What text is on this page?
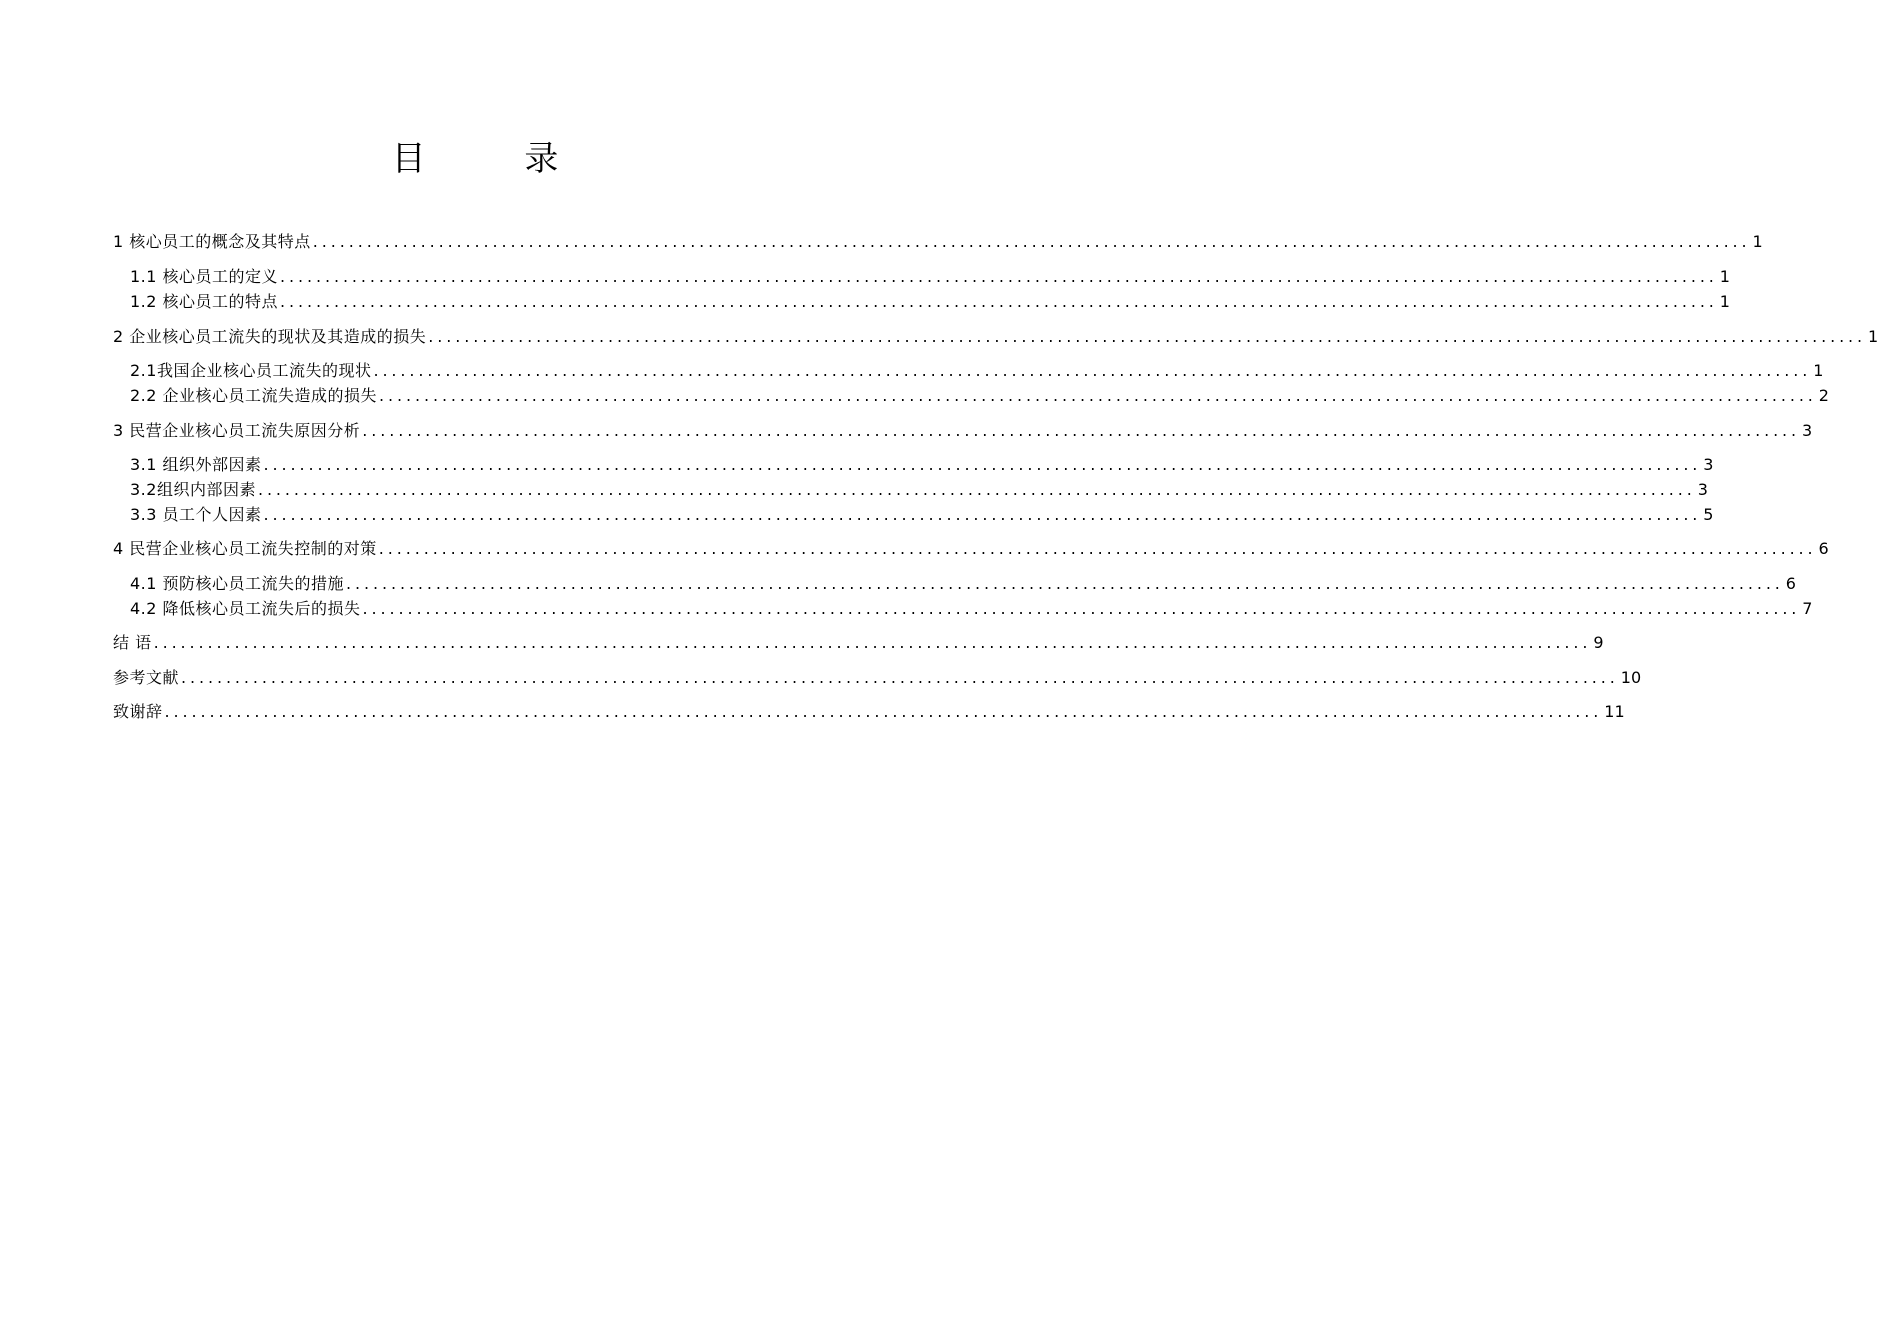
目 录
1 核心员工的概念及其特点 ................................................................................................................................................................ 1
1.1 核心员工的定义 ................................................................................................................................................................ 1
1.2 核心员工的特点 ................................................................................................................................................................ 1
2 企业核心员工流失的现状及其造成的损失 ................................................................................................................................................................ 1
2.1我国企业核心员工流失的现状 ................................................................................................................................................................ 1
2.2 企业核心员工流失造成的损失 ................................................................................................................................................................ 2
3 民营企业核心员工流失原因分析 ................................................................................................................................................................ 3
3.1 组织外部因素 ................................................................................................................................................................ 3
3.2组织内部因素 ................................................................................................................................................................ 3
3.3 员工个人因素 ................................................................................................................................................................ 5
4 民营企业核心员工流失控制的对策 ................................................................................................................................................................ 6
4.1 预防核心员工流失的措施 ................................................................................................................................................................ 6
4.2 降低核心员工流失后的损失 ................................................................................................................................................................ 7
结 语 ................................................................................................................................................................ 9
参考文献 ................................................................................................................................................................ 10
致谢辞 ................................................................................................................................................................ 11
